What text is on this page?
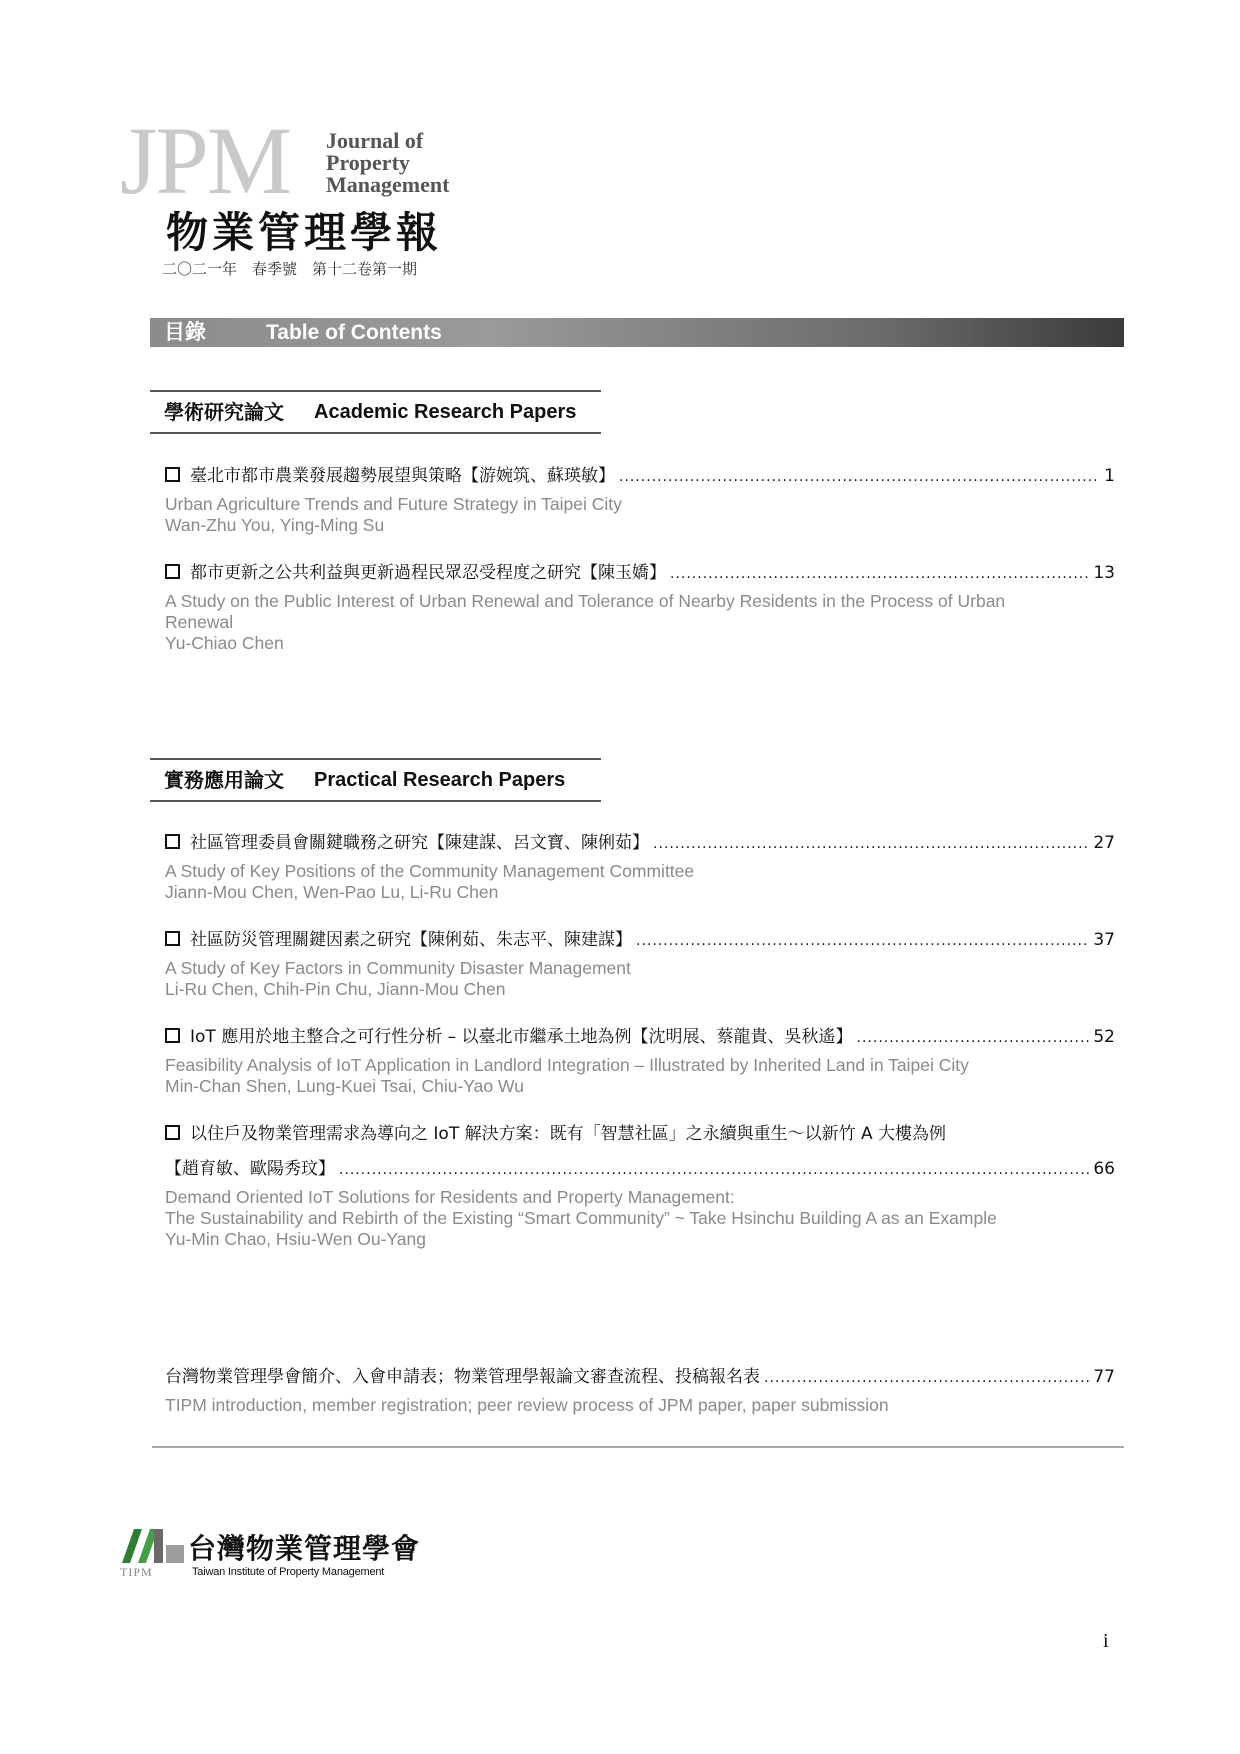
JPM Journal of
Property
Management
物業管理學報
二〇二一年　春季號　第十二卷第一期
目錄	Table of Contents
學術研究論文 Academic Research Papers
臺北市都市農業發展趨勢展望與策略【游婉筑、蘇瑛敏】 .....	1
Urban Agriculture Trends and Future Strategy in Taipei City
Wan-Zhu You, Ying-Ming Su
都市更新之公共利益與更新過程民眾忍受程度之研究【陳玉嬌】 .....	13
A Study on the Public Interest of Urban Renewal and Tolerance of Nearby Residents in the Process of Urban
Renewal
Yu-Chiao Chen
實務應用論文 Practical Research Papers
社區管理委員會關鍵職務之研究【陳建謀、呂文寶、陳俐茹】 .....	27
A Study of Key Positions of the Community Management Committee
Jiann-Mou Chen, Wen-Pao Lu, Li-Ru Chen
社區防災管理關鍵因素之研究【陳俐茹、朱志平、陳建謀】 .....	37
A Study of Key Factors in Community Disaster Management
Li-Ru Chen, Chih-Pin Chu, Jiann-Mou Chen
IoT 應用於地主整合之可行性分析 – 以臺北市繼承土地為例【沈明展、蔡龍貴、吳秋遙】 .....	52
Feasibility Analysis of IoT Application in Landlord Integration – Illustrated by Inherited Land in Taipei City
Min-Chan Shen, Lung-Kuei Tsai, Chiu-Yao Wu
以住戶及物業管理需求為導向之 IoT 解決方案：既有「智慧社區」之永續與重生～以新竹 A 大樓為例
【趙育敏、歐陽秀玟】 .....	66
Demand Oriented IoT Solutions for Residents and Property Management:
The Sustainability and Rebirth of the Existing “Smart Community” ~ Take Hsinchu Building A as an Example
Yu-Min Chao, Hsiu-Wen Ou-Yang
台灣物業管理學會簡介、入會申請表；物業管理學報論文審查流程、投稿報名表 .....	77
TIPM introduction, member registration; peer review process of JPM paper, paper submission
台灣物業管理學會
TIPM	Taiwan Institute of Property Management
i
